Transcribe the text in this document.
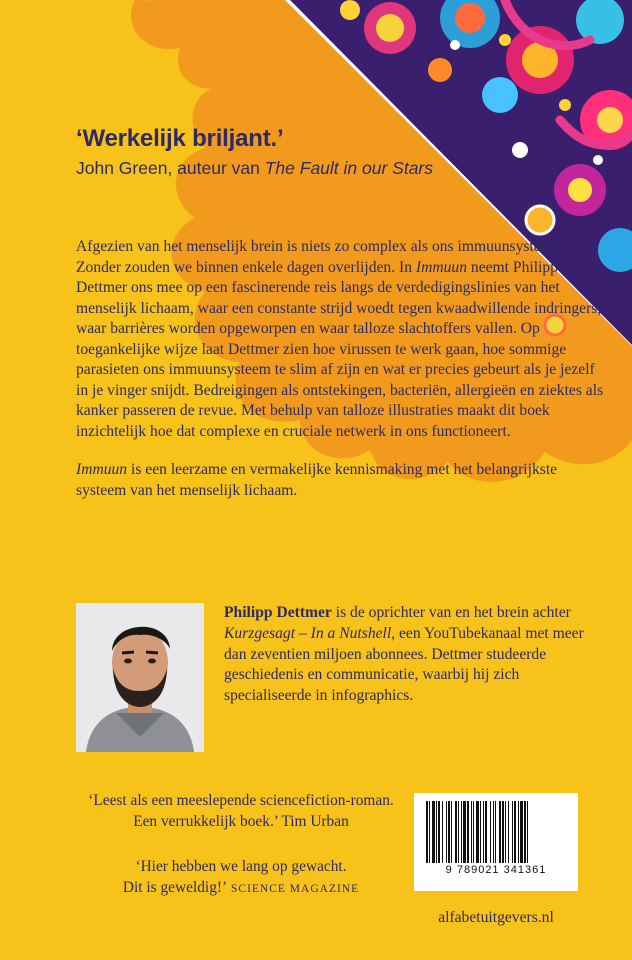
‘Werkelijk briljant.’
John Green, auteur van The Fault in our Stars

Afgezien van het menselijk brein is niets zo complex als ons immuunsysteem. Zonder zouden we binnen enkele dagen overlijden. In Immuun neemt Philipp Dettmer ons mee op een fascinerende reis langs de verdedigingslinies van het menselijk lichaam, waar een constante strijd woedt tegen kwaadwillende indringers, waar barrières worden opgeworpen en waar talloze slachtoffers vallen. Op toegankelijke wijze laat Dettmer zien hoe virussen te werk gaan, hoe sommige parasieten ons immuunsysteem te slim af zijn en wat er precies gebeurt als je jezelf in je vinger snijdt. Bedreigingen als ontstekingen, bacteriën, allergieën en ziektes als kanker passeren de revue. Met behulp van talloze illustraties maakt dit boek inzichtelijk hoe dat complexe en cruciale netwerk in ons functioneert.

Immuun is een leerzame en vermakelijke kennismaking met het belangrijkste systeem van het menselijk lichaam.

Philipp Dettmer is de oprichter van en het brein achter Kurzgesagt – In a Nutshell, een YouTubekanaal met meer dan zeventien miljoen abonnees. Dettmer studeerde geschiedenis en communicatie, waarbij hij zich specialiseerde in infographics.
‘Leest als een meeslepende sciencefiction-roman. Een verrukkelijk boek.’ Tim Urban
‘Hier hebben we lang op gewacht.
Dit is geweldig!’ SCIENCE MAGAZINE
9 789021 341361
alfabetuitgevers.nl
